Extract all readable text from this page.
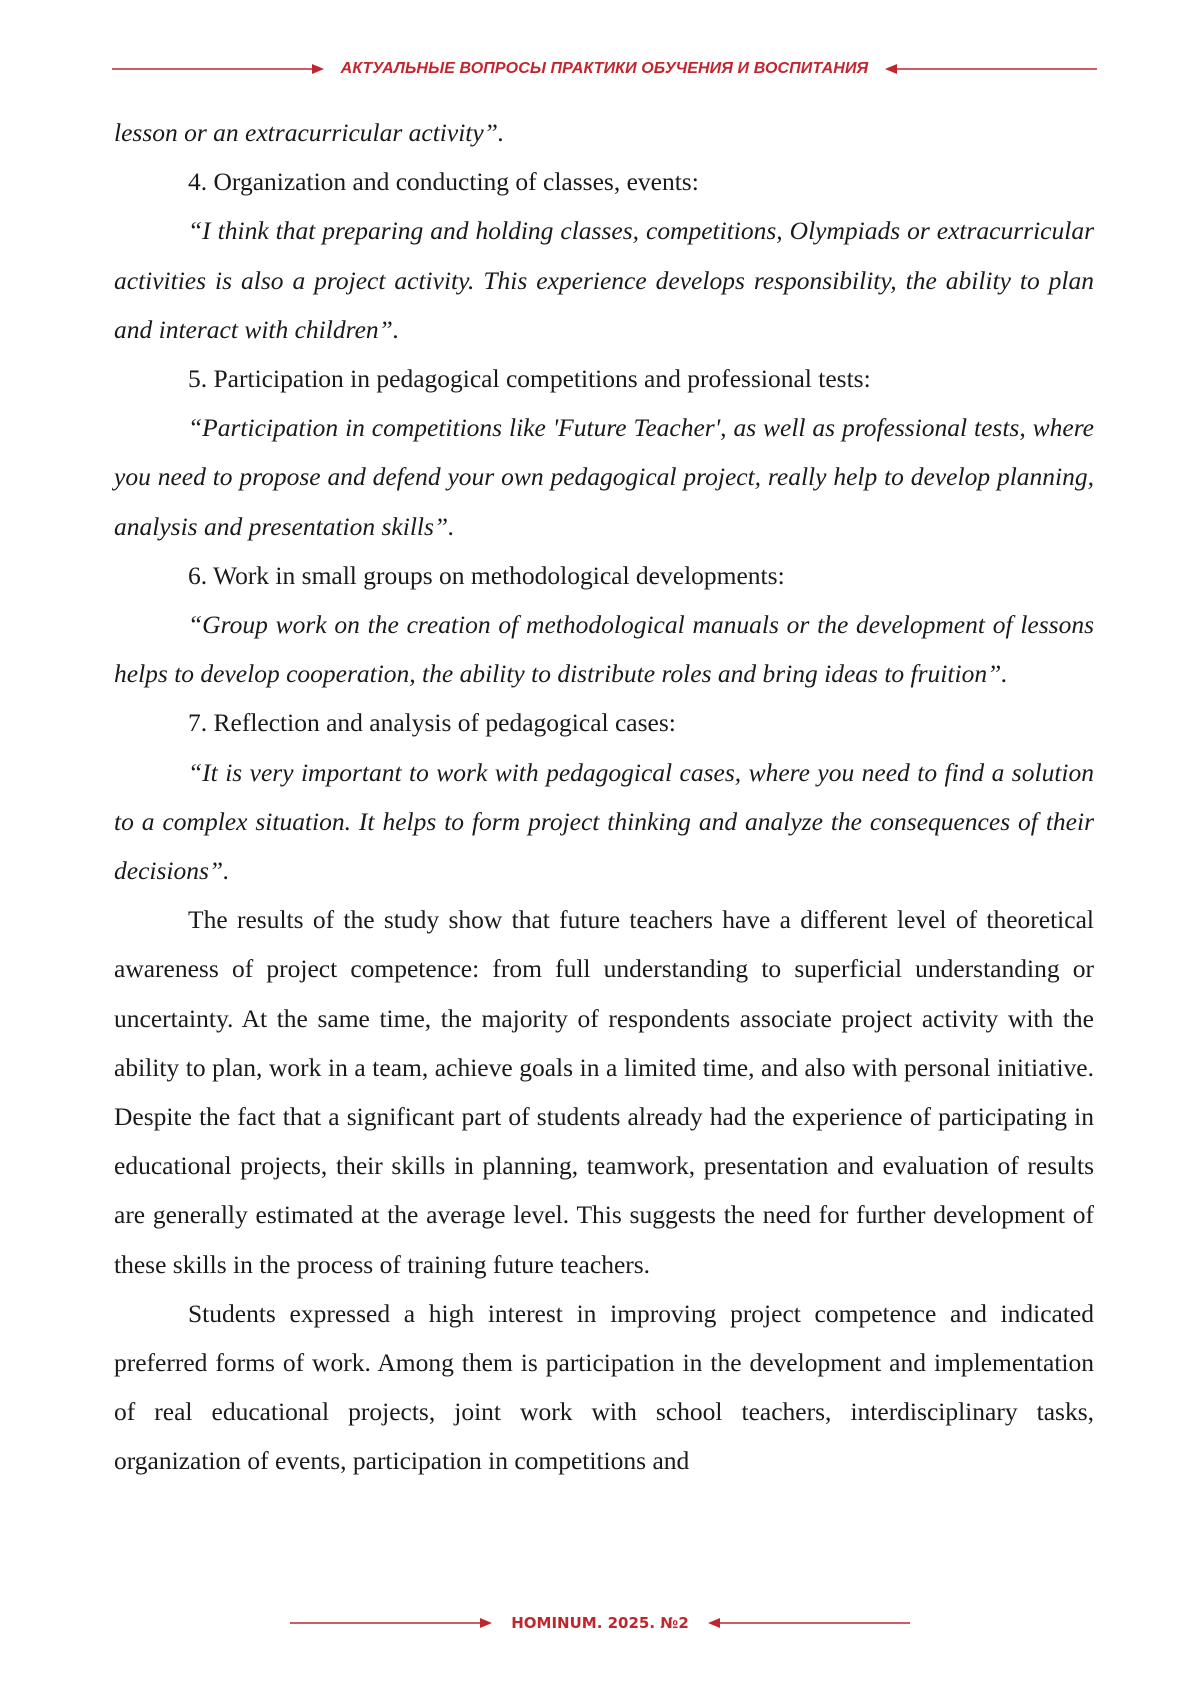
АКТУАЛЬНЫЕ ВОПРОСЫ ПРАКТИКИ ОБУЧЕНИЯ И ВОСПИТАНИЯ

lesson or an extracurricular activity”.

4. Organization and conducting of classes, events:

“I think that preparing and holding classes, competitions, Olympiads or extracurricular activities is also a project activity. This experience develops responsibility, the ability to plan and interact with children”.

5. Participation in pedagogical competitions and professional tests:

“Participation in competitions like 'Future Teacher', as well as professional tests, where you need to propose and defend your own pedagogical project, really help to develop planning, analysis and presentation skills”.

6. Work in small groups on methodological developments:

“Group work on the creation of methodological manuals or the development of lessons helps to develop cooperation, the ability to distribute roles and bring ideas to fruition”.

7. Reflection and analysis of pedagogical cases:

“It is very important to work with pedagogical cases, where you need to find a solution to a complex situation. It helps to form project thinking and analyze the consequences of their decisions”.

The results of the study show that future teachers have a different level of theoretical awareness of project competence: from full understanding to superficial understanding or uncertainty. At the same time, the majority of respondents associate project activity with the ability to plan, work in a team, achieve goals in a limited time, and also with personal initiative. Despite the fact that a significant part of students already had the experience of participating in educational projects, their skills in planning, teamwork, presentation and evaluation of results are generally estimated at the average level. This suggests the need for further development of these skills in the process of training future teachers.

Students expressed a high interest in improving project competence and indicated preferred forms of work. Among them is participation in the development and implementation of real educational projects, joint work with school teachers, interdisciplinary tasks, organization of events, participation in competitions and

HOMINUM. 2025. №2
